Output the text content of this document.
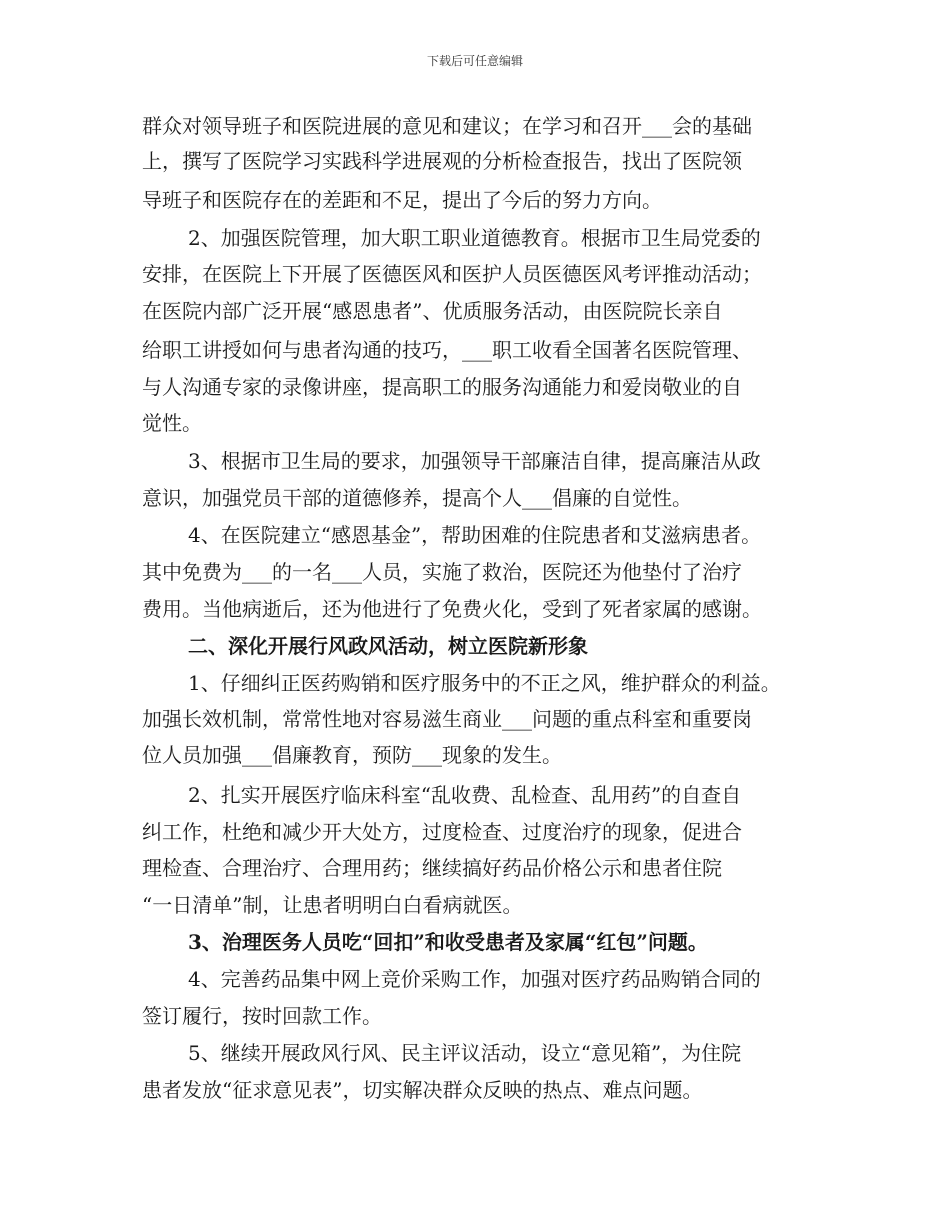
下载后可任意编辑
群众对领导班子和医院进展的意见和建议；在学习和召开___会的基础
上，撰写了医院学习实践科学进展观的分析检查报告，找出了医院领
导班子和医院存在的差距和不足，提出了今后的努力方向。
2、加强医院管理，加大职工职业道德教育。根据市卫生局党委的
安排，在医院上下开展了医德医风和医护人员医德医风考评推动活动；
在医院内部广泛开展“感恩患者”、优质服务活动，由医院院长亲自
给职工讲授如何与患者沟通的技巧，___职工收看全国著名医院管理、
与人沟通专家的录像讲座，提高职工的服务沟通能力和爱岗敬业的自
觉性。
3、根据市卫生局的要求，加强领导干部廉洁自律，提高廉洁从政
意识，加强党员干部的道德修养，提高个人___倡廉的自觉性。
4、在医院建立“感恩基金”，帮助困难的住院患者和艾滋病患者。
其中免费为___的一名___人员，实施了救治，医院还为他垫付了治疗
费用。当他病逝后，还为他进行了免费火化，受到了死者家属的感谢。
二、深化开展行风政风活动，树立医院新形象
1、仔细纠正医药购销和医疗服务中的不正之风，维护群众的利益。
加强长效机制，常常性地对容易滋生商业___问题的重点科室和重要岗
位人员加强___倡廉教育，预防___现象的发生。
2、扎实开展医疗临床科室“乱收费、乱检查、乱用药”的自查自
纠工作，杜绝和减少开大处方，过度检查、过度治疗的现象，促进合
理检查、合理治疗、合理用药；继续搞好药品价格公示和患者住院
“一日清单”制，让患者明明白白看病就医。
3、治理医务人员吃“回扣”和收受患者及家属“红包”问题。
4、完善药品集中网上竞价采购工作，加强对医疗药品购销合同的
签订履行，按时回款工作。
5、继续开展政风行风、民主评议活动，设立“意见箱”，为住院
患者发放“征求意见表”，切实解决群众反映的热点、难点问题。
